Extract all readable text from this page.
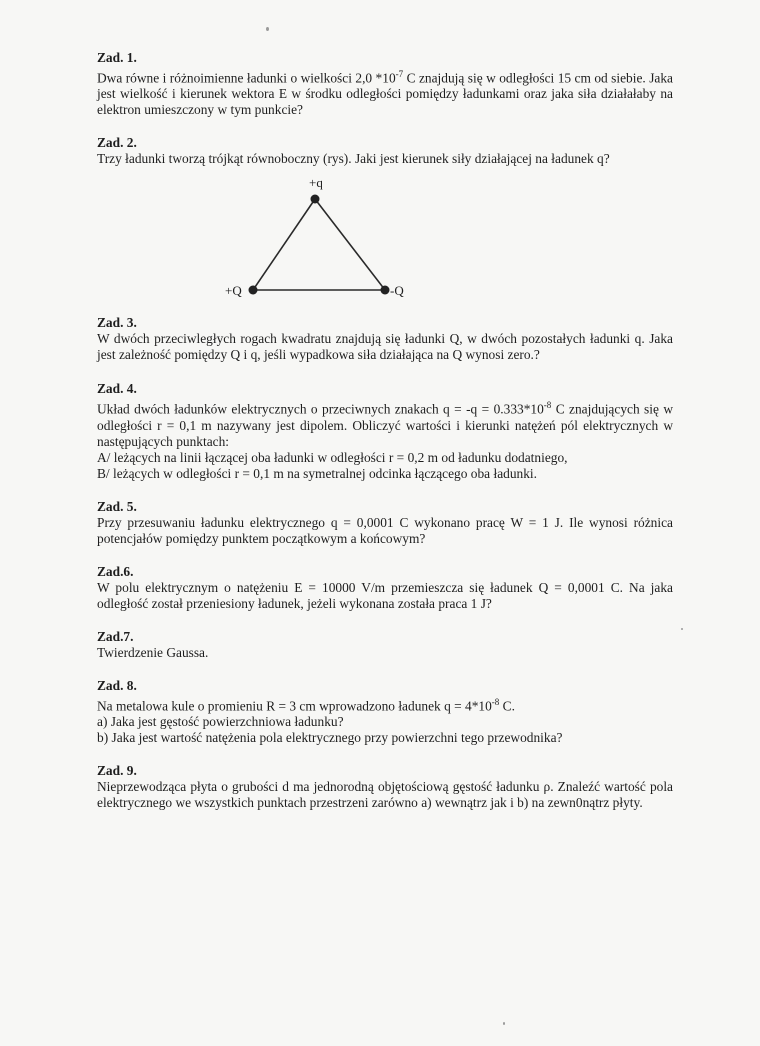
Zad. 1.

Dwa równe i różnoimienne ładunki o wielkości 2,0 $*10^{-7}$ C znajdują się w odległości 15 cm od siebie. Jaka jest wielkość i kierunek wektora E w środku odległości pomiędzy ładunkami oraz jaka siła działałaby na elektron umieszczony w tym punkcie?

Zad. 2.

Trzy ładunki tworzą trójkąt równoboczny (rys). Jaki jest kierunek siły działającej na ładunek q?

+q
+Q	-Q
Zad. 3.

W dwóch przeciwległych rogach kwadratu znajdują się ładunki Q, w dwóch pozostałych ładunki q. Jaka jest zależność pomiędzy Q i q, jeśli wypadkowa siła działająca na Q wynosi zero.?

Zad. 4.

Układ dwóch ładunków elektrycznych o przeciwnych znakach $q = -q = 0.333*10^{-8}$ C znajdujących się w odległości r = 0,1 m nazywany jest dipolem. Obliczyć wartości i kierunki natężeń pól elektrycznych w następujących punktach:

A/ leżących na linii łączącej oba ładunki w odległości r = 0,2 m od ładunku dodatniego,

B/ leżących w odległości r = 0,1 m na symetralnej odcinka łączącego oba ładunki.

Zad. 5.

Przy przesuwaniu ładunku elektrycznego q = 0,0001 C wykonano pracę W = 1 J. Ile wynosi różnica potencjałów pomiędzy punktem początkowym a końcowym?

Zad.6.

W polu elektrycznym o natężeniu E = 10000 V/m przemieszcza się ładunek Q = 0,0001 C. Na jaka odległość został przeniesiony ładunek, jeżeli wykonana została praca 1 J?

Zad.7.

Twierdzenie Gaussa.

Zad. 8.

Na metalowa kule o promieniu R = 3 cm wprowadzono ładunek $q = 4*10^{-8}$ C.

a) Jaka jest gęstość powierzchniowa ładunku?

b) Jaka jest wartość natężenia pola elektrycznego przy powierzchni tego przewodnika?

Zad. 9.

Nieprzewodząca płyta o grubości d ma jednorodną objętościową gęstość ładunku ρ. Znaleźć wartość pola elektrycznego we wszystkich punktach przestrzeni zarówno a) wewnątrz jak i b) na zewn0nątrz płyty.
